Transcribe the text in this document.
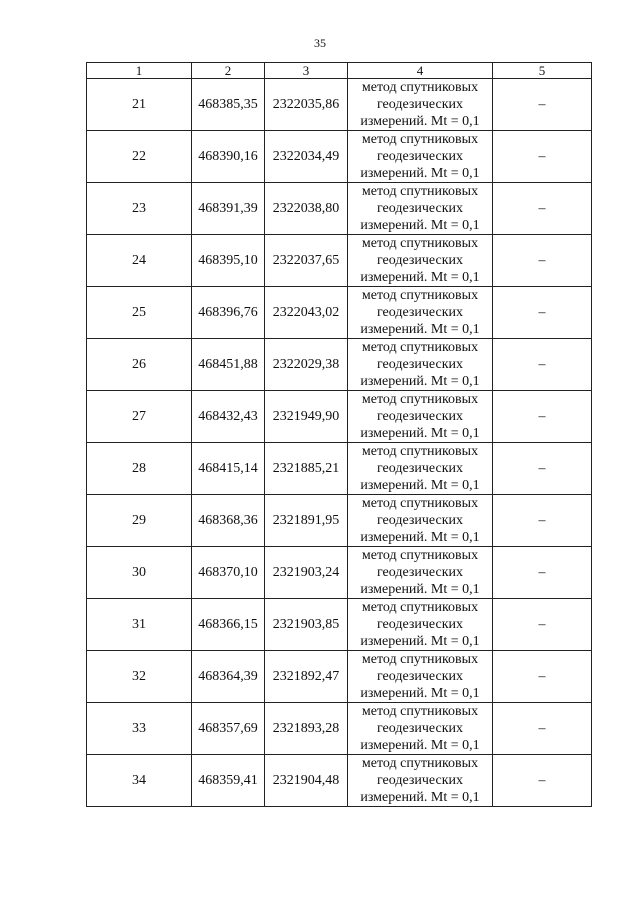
35
1	2	3	4	5
21	468385,35	2322035,86	метод спутниковых
геодезических
измерений. Mt = 0,1	–
22	468390,16	2322034,49	метод спутниковых
геодезических
измерений. Mt = 0,1	–
23	468391,39	2322038,80	метод спутниковых
геодезических
измерений. Mt = 0,1	–
24	468395,10	2322037,65	метод спутниковых
геодезических
измерений. Mt = 0,1	–
25	468396,76	2322043,02	метод спутниковых
геодезических
измерений. Mt = 0,1	–
26	468451,88	2322029,38	метод спутниковых
геодезических
измерений. Mt = 0,1	–
27	468432,43	2321949,90	метод спутниковых
геодезических
измерений. Mt = 0,1	–
28	468415,14	2321885,21	метод спутниковых
геодезических
измерений. Mt = 0,1	–
29	468368,36	2321891,95	метод спутниковых
геодезических
измерений. Mt = 0,1	–
30	468370,10	2321903,24	метод спутниковых
геодезических
измерений. Mt = 0,1	–
31	468366,15	2321903,85	метод спутниковых
геодезических
измерений. Mt = 0,1	–
32	468364,39	2321892,47	метод спутниковых
геодезических
измерений. Mt = 0,1	–
33	468357,69	2321893,28	метод спутниковых
геодезических
измерений. Mt = 0,1	–
34	468359,41	2321904,48	метод спутниковых
геодезических
измерений. Mt = 0,1	–
